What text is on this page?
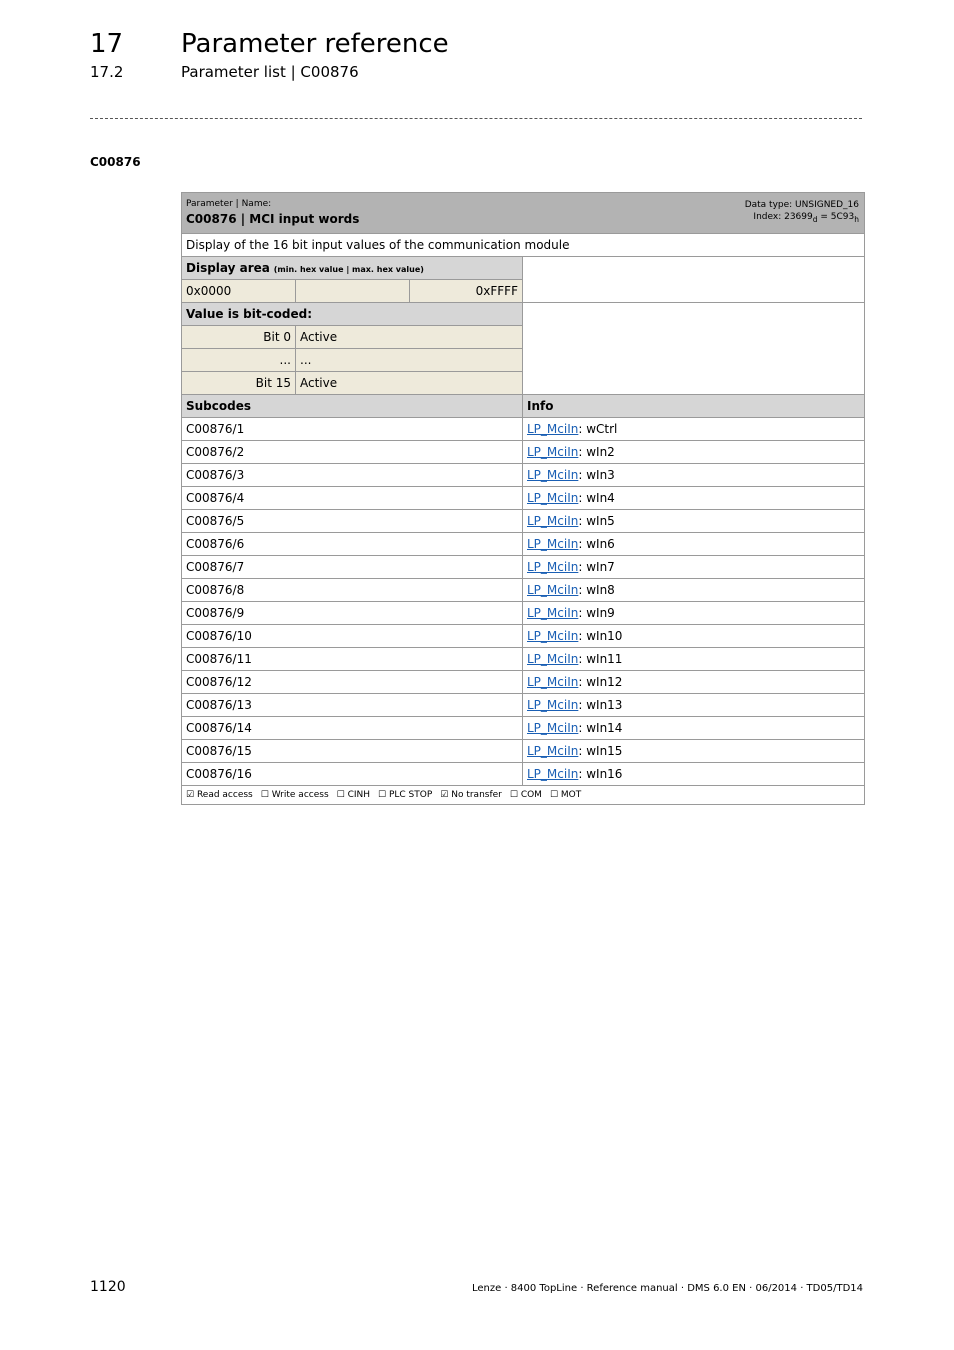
17 Parameter reference
17.2	Parameter list | C00876
C00876
Parameter | Name:
C00876 | MCI input words
Data type: UNSIGNED_16
Index: $23699_d = 5C93_h$

Display of the 16 bit input values of the communication module			
Display area (min. hex value | max. hex value)			
0x0000		0xFFFF	
Value is bit-coded:			
Bit 0	Active		
...	...		
Bit 15	Active		
Subcodes			Info
C00876/1			LP_MciIn: wCtrl
C00876/2			LP_MciIn: wIn2
C00876/3			LP_MciIn: wIn3
C00876/4			LP_MciIn: wIn4
C00876/5			LP_MciIn: wIn5
C00876/6			LP_MciIn: wIn6
C00876/7			LP_MciIn: wIn7
C00876/8			LP_MciIn: wIn8
C00876/9			LP_MciIn: wIn9
C00876/10			LP_MciIn: wIn10
C00876/11			LP_MciIn: wIn11
C00876/12			LP_MciIn: wIn12
C00876/13			LP_MciIn: wIn13
C00876/14			LP_MciIn: wIn14
C00876/15			LP_MciIn: wIn15
C00876/16			LP_MciIn: wIn16
☑ Read access ☐ Write access ☐ CINH ☐ PLC STOP ☑ No transfer ☐ COM ☐ MOT			
1120	Lenze · 8400 TopLine · Reference manual · DMS 6.0 EN · 06/2014 · TD05/TD14
